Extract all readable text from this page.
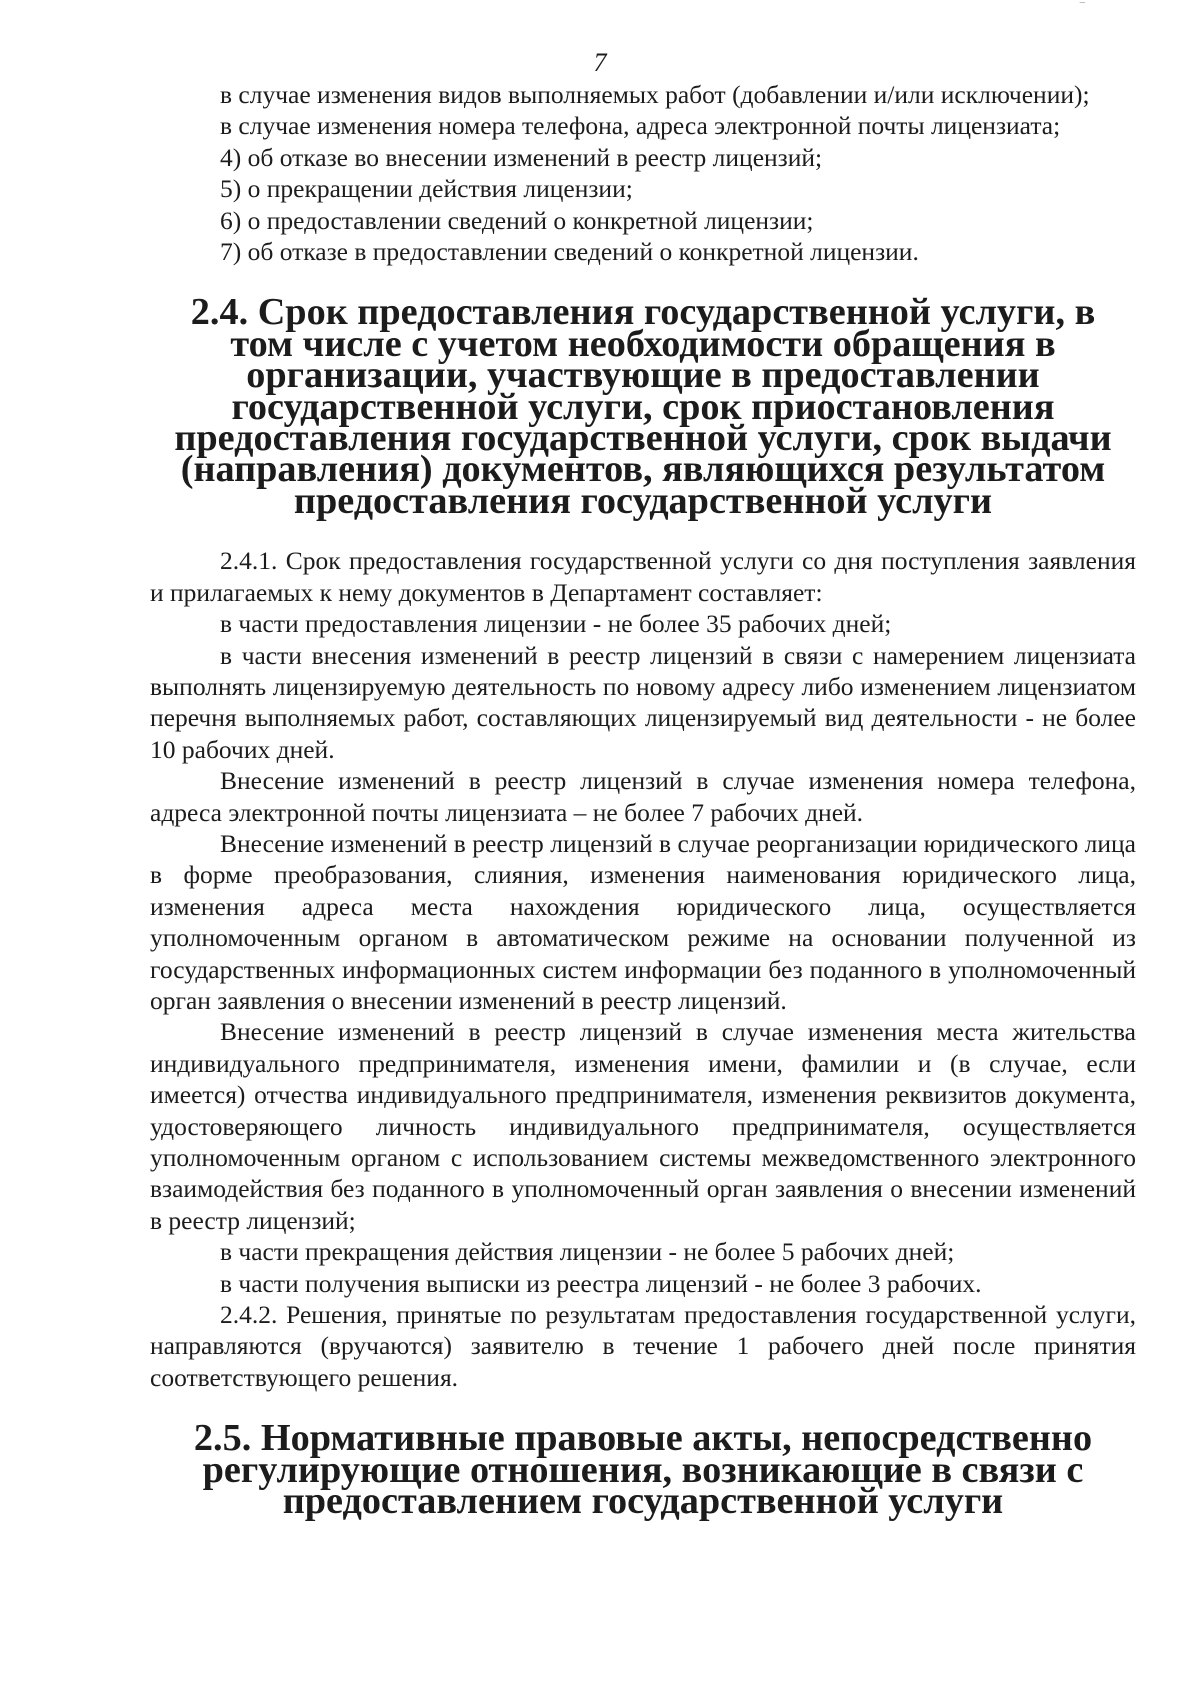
‾
7

в случае изменения видов выполняемых работ (добавлении и/или исключении);

в случае изменения номера телефона, адреса электронной почты лицензиата;

4) об отказе во внесении изменений в реестр лицензий;

5) о прекращении действия лицензии;

6) о предоставлении сведений о конкретной лицензии;

7) об отказе в предоставлении сведений о конкретной лицензии.

2.4. Срок предоставления государственной услуги, в том числе с учетом необходимости обращения в организации, участвующие в предоставлении государственной услуги, срок приостановления предоставления государственной услуги, срок выдачи (направления) документов, являющихся результатом предоставления государственной услуги

2.4.1. Срок предоставления государственной услуги со дня поступления заявления и прилагаемых к нему документов в Департамент составляет:

в части предоставления лицензии - не более 35 рабочих дней;

в части внесения изменений в реестр лицензий в связи с намерением лицензиата выполнять лицензируемую деятельность по новому адресу либо изменением лицензиатом перечня выполняемых работ, составляющих лицензируемый вид деятельности - не более 10 рабочих дней.

Внесение изменений в реестр лицензий в случае изменения номера телефона, адреса электронной почты лицензиата – не более 7 рабочих дней.

Внесение изменений в реестр лицензий в случае реорганизации юридического лица в форме преобразования, слияния, изменения наименования юридического лица, изменения адреса места нахождения юридического лица, осуществляется уполномоченным органом в автоматическом режиме на основании полученной из государственных информационных систем информации без поданного в уполномоченный орган заявления о внесении изменений в реестр лицензий.

Внесение изменений в реестр лицензий в случае изменения места жительства индивидуального предпринимателя, изменения имени, фамилии и (в случае, если имеется) отчества индивидуального предпринимателя, изменения реквизитов документа, удостоверяющего личность индивидуального предпринимателя, осуществляется уполномоченным органом с использованием системы межведомственного электронного взаимодействия без поданного в уполномоченный орган заявления о внесении изменений в реестр лицензий;

в части прекращения действия лицензии - не более 5 рабочих дней;

в части получения выписки из реестра лицензий - не более 3 рабочих.

2.4.2. Решения, принятые по результатам предоставления государственной услуги, направляются (вручаются) заявителю в течение 1 рабочего дней после принятия соответствующего решения.

2.5. Нормативные правовые акты, непосредственно регулирующие отношения, возникающие в связи с предоставлением государственной услуги
